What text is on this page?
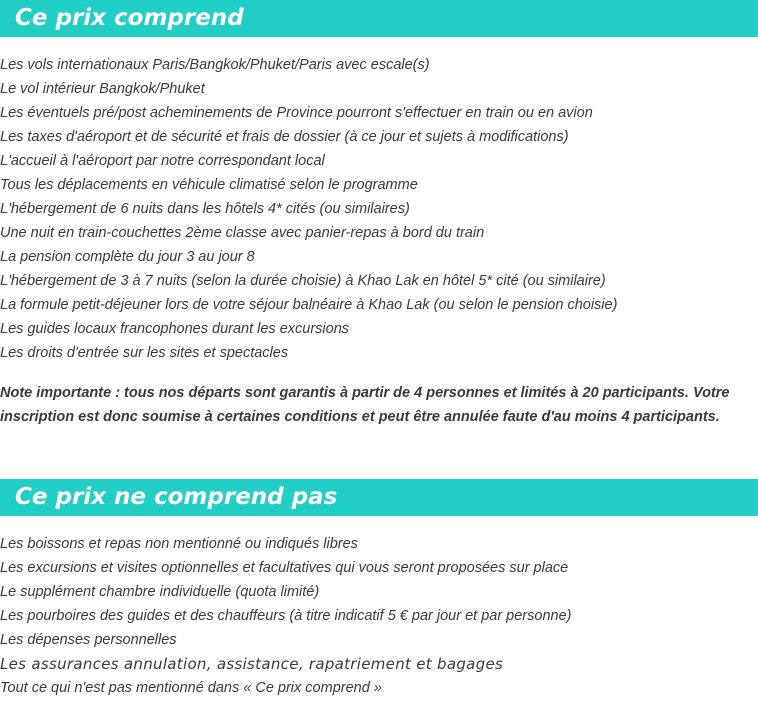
Ce prix comprend
Les vols internationaux Paris/Bangkok/Phuket/Paris avec escale(s)
Le vol intérieur Bangkok/Phuket
Les éventuels pré/post acheminements de Province pourront s'effectuer en train ou en avion
Les taxes d'aéroport et de sécurité et frais de dossier (à ce jour et sujets à modifications)
L'accueil à l'aéroport par notre correspondant local
Tous les déplacements en véhicule climatisé selon le programme
L'hébergement de 6 nuits dans les hôtels 4* cités (ou similaires)
Une nuit en train-couchettes 2ème classe avec panier-repas à bord du train
La pension complète du jour 3 au jour 8
L'hébergement de 3 à 7 nuits (selon la durée choisie) à Khao Lak en hôtel 5* cité (ou similaire)
La formule petit-déjeuner lors de votre séjour balnéaire à Khao Lak (ou selon le pension choisie)
Les guides locaux francophones durant les excursions
Les droits d'entrée sur les sites et spectacles

Note importante : tous nos départs sont garantis à partir de 4 personnes et limités à 20 participants. Votre inscription est donc soumise à certaines conditions et peut être annulée faute d'au moins 4 participants.

Ce prix ne comprend pas
Les boissons et repas non mentionné ou indiqués libres
Les excursions et visites optionnelles et facultatives qui vous seront proposées sur place
Le supplément chambre individuelle (quota limité)
Les pourboires des guides et des chauffeurs (à titre indicatif 5 € par jour et par personne)
Les dépenses personnelles
Les assurances annulation, assistance, rapatriement et bagages
Tout ce qui n'est pas mentionné dans « Ce prix comprend »
